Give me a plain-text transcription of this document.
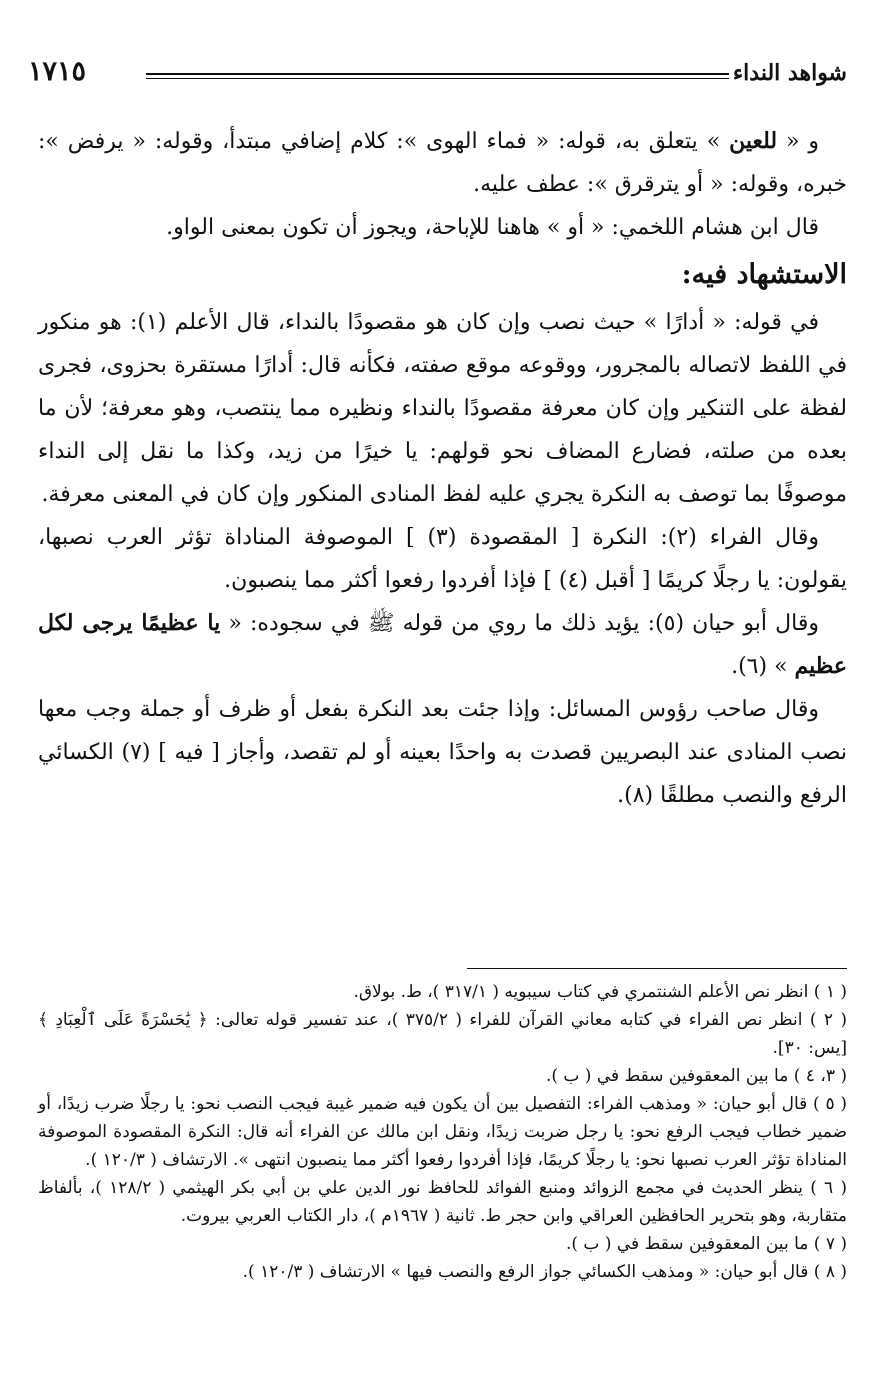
شواهد النداء
١٧١٥

و « للعين » يتعلق به، قوله: « فماء الهوى »: كلام إضافي مبتدأ، وقوله: « يرفض »: خبره، وقوله: « أو يترقرق »: عطف عليه.

قال ابن هشام اللخمي: « أو » هاهنا للإباحة، ويجوز أن تكون بمعنى الواو.

الاستشهاد فيه:

في قوله: « أدارًا » حيث نصب وإن كان هو مقصودًا بالنداء، قال الأعلم (١): هو منكور في اللفظ لاتصاله بالمجرور، ووقوعه موقع صفته، فكأنه قال: أدارًا مستقرة بحزوى، فجرى لفظة على التنكير وإن كان معرفة مقصودًا بالنداء ونظيره مما ينتصب، وهو معرفة؛ لأن ما بعده من صلته، فضارع المضاف نحو قولهم: يا خيرًا من زيد، وكذا ما نقل إلى النداء موصوفًا بما توصف به النكرة يجري عليه لفظ المنادى المنكور وإن كان في المعنى معرفة.

وقال الفراء (٢): النكرة [ المقصودة (٣) ] الموصوفة المناداة تؤثر العرب نصبها، يقولون: يا رجلًا كريمًا [ أقبل (٤) ] فإذا أفردوا رفعوا أكثر مما ينصبون.

وقال أبو حيان (٥): يؤيد ذلك ما روي من قوله ﷺ في سجوده: « يا عظيمًا يرجى لكل عظيم » (٦).

وقال صاحب رؤوس المسائل: وإذا جئت بعد النكرة بفعل أو ظرف أو جملة وجب معها نصب المنادى عند البصريين قصدت به واحدًا بعينه أو لم تقصد، وأجاز [ فيه ] (٧) الكسائي الرفع والنصب مطلقًا (٨).

( ١ ) انظر نص الأعلم الشنتمري في كتاب سيبويه ( ٣١٧/١ )، ط. بولاق.

( ٢ ) انظر نص الفراء في كتابه معاني القرآن للفراء ( ٣٧٥/٢ )، عند تفسير قوله تعالى: ﴿ يَٰحَسْرَةً عَلَى ٱلْعِبَادِ ﴾ [يس: ٣٠].

( ٣، ٤ ) ما بين المعقوفين سقط في ( ب ).

( ٥ ) قال أبو حيان: « ومذهب الفراء: التفصيل بين أن يكون فيه ضمير غيبة فيجب النصب نحو: يا رجلًا ضرب زيدًا، أو ضمير خطاب فيجب الرفع نحو: يا رجل ضربت زيدًا، ونقل ابن مالك عن الفراء أنه قال: النكرة المقصودة الموصوفة المناداة تؤثر العرب نصبها نحو: يا رجلًا كريمًا، فإذا أفردوا رفعوا أكثر مما ينصبون انتهى ». الارتشاف ( ١٢٠/٣ ).

( ٦ ) ينظر الحديث في مجمع الزوائد ومنبع الفوائد للحافظ نور الدين علي بن أبي بكر الهيثمي ( ١٢٨/٢ )، بألفاظ متقاربة، وهو بتحرير الحافظين العراقي وابن حجر ط. ثانية ( ١٩٦٧م )، دار الكتاب العربي بيروت.

( ٧ ) ما بين المعقوفين سقط في ( ب ).

( ٨ ) قال أبو حيان: « ومذهب الكسائي جواز الرفع والنصب فيها » الارتشاف ( ١٢٠/٣ ).
